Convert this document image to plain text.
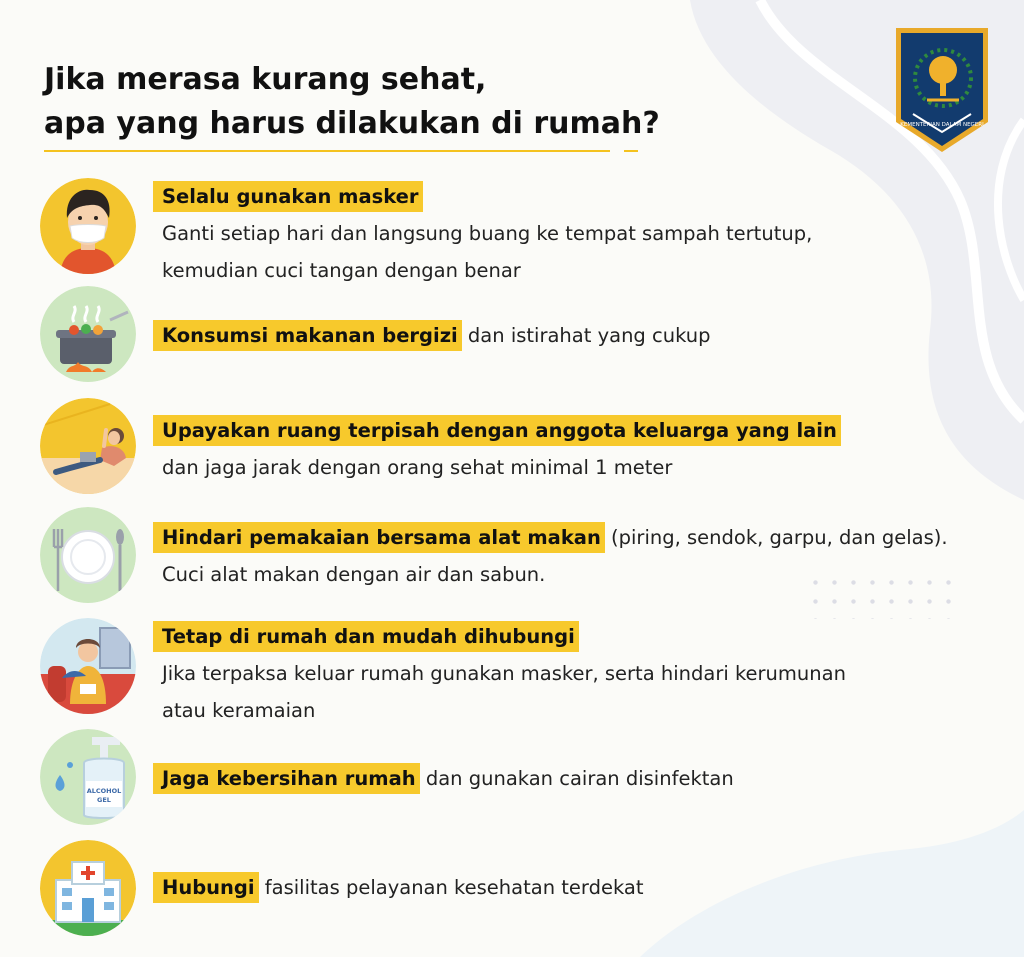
Jika merasa kurang sehat,
apa yang harus dilakukan di rumah?	KEMENTERIAN DALAM NEGERI
Selalu gunakan masker
Ganti setiap hari dan langsung buang ke tempat sampah tertutup,
kemudian cuci tangan dengan benar
Konsumsi makanan bergizi dan istirahat yang cukup
Upayakan ruang terpisah dengan anggota keluarga yang lain
dan jaga jarak dengan orang sehat minimal 1 meter
Hindari pemakaian bersama alat makan (piring, sendok, garpu, dan gelas).
Cuci alat makan dengan air dan sabun.
Tetap di rumah dan mudah dihubungi
Jika terpaksa keluar rumah gunakan masker, serta hindari kerumunan
atau keramaian
ALCOHOL
GEL
Jaga kebersihan rumah dan gunakan cairan disinfektan
Hubungi fasilitas pelayanan kesehatan terdekat
